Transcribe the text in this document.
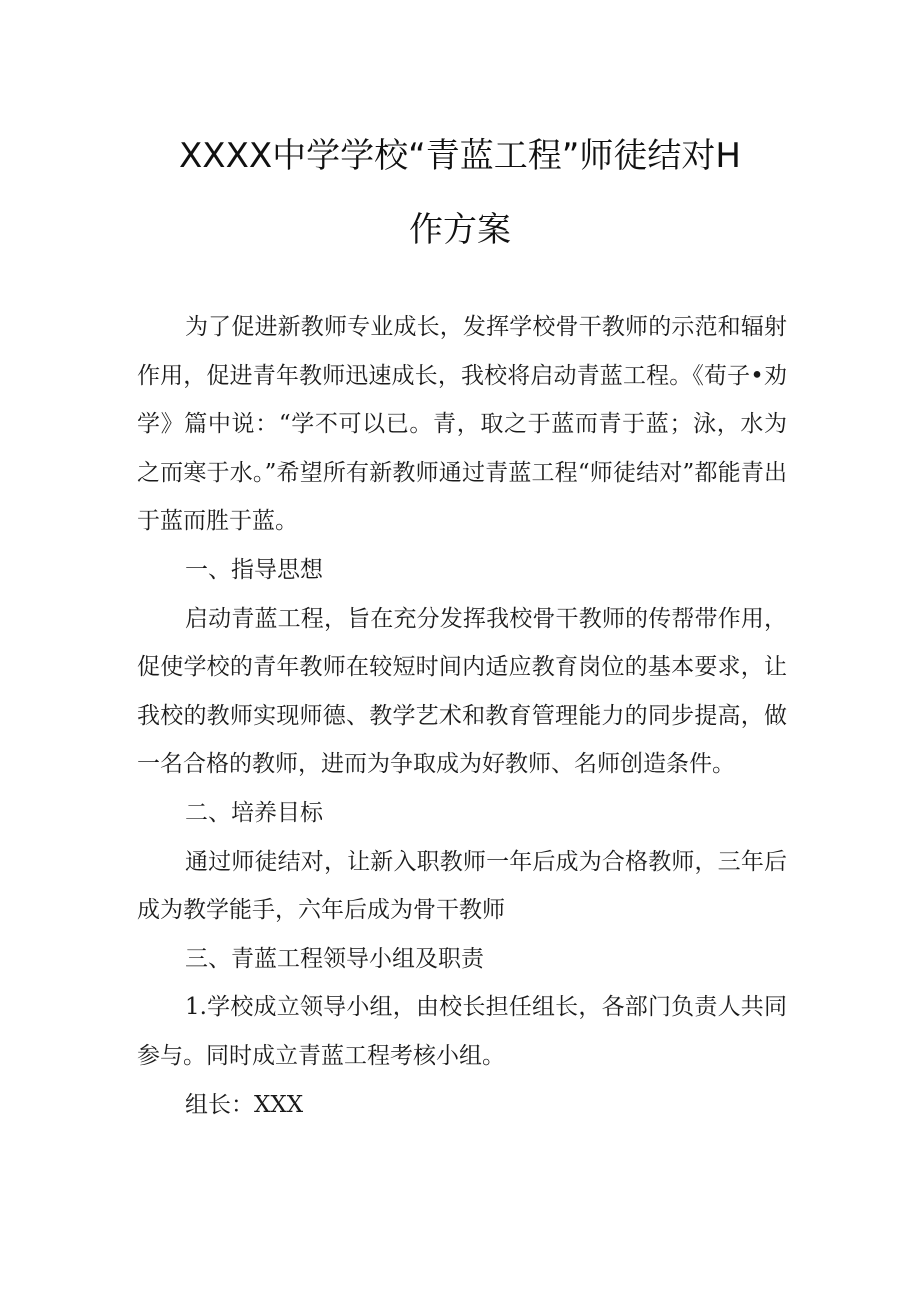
XXXX中学学校“青蓝工程”师徒结对H
作方案

为了促进新教师专业成长，发挥学校骨干教师的示范和辐射作用，促进青年教师迅速成长，我校将启动青蓝工程。《荀子•劝学》篇中说：“学不可以已。青，取之于蓝而青于蓝；泳，水为之而寒于水。”希望所有新教师通过青蓝工程“师徒结对”都能青出于蓝而胜于蓝。

一、指导思想

启动青蓝工程，旨在充分发挥我校骨干教师的传帮带作用，促使学校的青年教师在较短时间内适应教育岗位的基本要求，让我校的教师实现师德、教学艺术和教育管理能力的同步提高，做一名合格的教师，进而为争取成为好教师、名师创造条件。

二、培养目标

通过师徒结对，让新入职教师一年后成为合格教师，三年后成为教学能手，六年后成为骨干教师

三、青蓝工程领导小组及职责

1.学校成立领导小组，由校长担任组长，各部门负责人共同参与。同时成立青蓝工程考核小组。

组长：XXX
